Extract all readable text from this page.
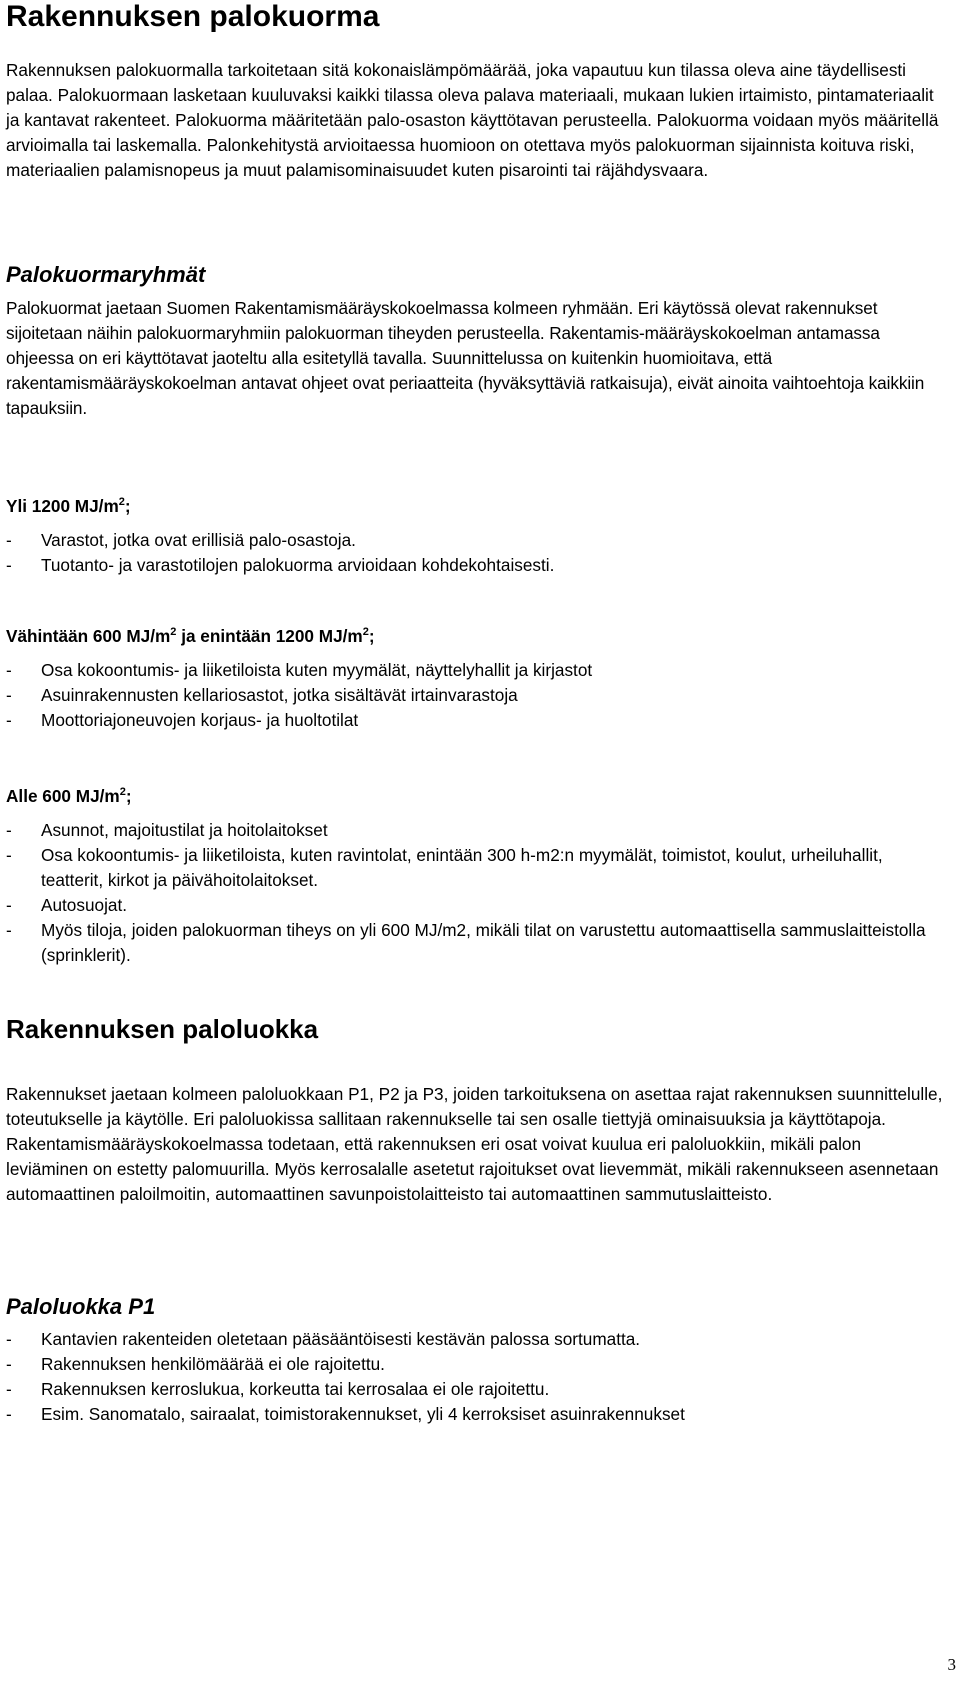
Rakennuksen palokuorma
Rakennuksen palokuormalla tarkoitetaan sitä kokonaislämpömäärää, joka vapautuu kun tilassa oleva aine täydellisesti palaa. Palokuormaan lasketaan kuuluvaksi kaikki tilassa oleva palava materiaali, mukaan lukien irtaimisto, pintamateriaalit ja kantavat rakenteet. Palokuorma määritetään palo-osaston käyttötavan perusteella. Palokuorma voidaan myös määritellä arvioimalla tai laskemalla. Palonkehitystä arvioitaessa huomioon on otettava myös palokuorman sijainnista koituva riski, materiaalien palamisnopeus ja muut palamisominaisuudet kuten pisarointi tai räjähdysvaara.
Palokuormaryhmät
Palokuormat jaetaan Suomen Rakentamismääräyskokoelmassa kolmeen ryhmään. Eri käytössä olevat rakennukset sijoitetaan näihin palokuormaryhmiin palokuorman tiheyden perusteella. Rakentamis-määräyskokoelman antamassa ohjeessa on eri käyttötavat jaoteltu alla esitetyllä tavalla. Suunnittelussa on kuitenkin huomioitava, että rakentamismääräyskokoelman antavat ohjeet ovat periaatteita (hyväksyttäviä ratkaisuja), eivät ainoita vaihtoehtoja kaikkiin tapauksiin.
Yli 1200 $MJ/m^2$;
- Varastot, jotka ovat erillisiä palo-osastoja.
- Tuotanto- ja varastotilojen palokuorma arvioidaan kohdekohtaisesti.
Vähintään 600 $MJ/m^2$ ja enintään 1200 $MJ/m^2$;
- Osa kokoontumis- ja liiketiloista kuten myymälät, näyttelyhallit ja kirjastot
- Asuinrakennusten kellariosastot, jotka sisältävät irtainvarastoja
- Moottoriajoneuvojen korjaus- ja huoltotilat
Alle 600 $MJ/m^2$;
- Asunnot, majoitustilat ja hoitolaitokset
- Osa kokoontumis- ja liiketiloista, kuten ravintolat, enintään 300 h-m2:n myymälät, toimistot, koulut, urheiluhallit, teatterit, kirkot ja päivähoitolaitokset.
- Autosuojat.
- Myös tiloja, joiden palokuorman tiheys on yli 600 MJ/m2, mikäli tilat on varustettu automaattisella sammuslaitteistolla (sprinklerit).
Rakennuksen paloluokka
Rakennukset jaetaan kolmeen paloluokkaan P1, P2 ja P3, joiden tarkoituksena on asettaa rajat rakennuksen suunnittelulle, toteutukselle ja käytölle. Eri paloluokissa sallitaan rakennukselle tai sen osalle tiettyjä ominaisuuksia ja käyttötapoja. Rakentamismääräyskokoelmassa todetaan, että rakennuksen eri osat voivat kuulua eri paloluokkiin, mikäli palon leviäminen on estetty palomuurilla. Myös kerrosalalle asetetut rajoitukset ovat lievemmät, mikäli rakennukseen asennetaan automaattinen paloilmoitin, automaattinen savunpoistolaitteisto tai automaattinen sammutuslaitteisto.
Paloluokka P1
- Kantavien rakenteiden oletetaan pääsääntöisesti kestävän palossa sortumatta.
- Rakennuksen henkilömäärää ei ole rajoitettu.
- Rakennuksen kerroslukua, korkeutta tai kerrosalaa ei ole rajoitettu.
- Esim. Sanomatalo, sairaalat, toimistorakennukset, yli 4 kerroksiset asuinrakennukset
3
